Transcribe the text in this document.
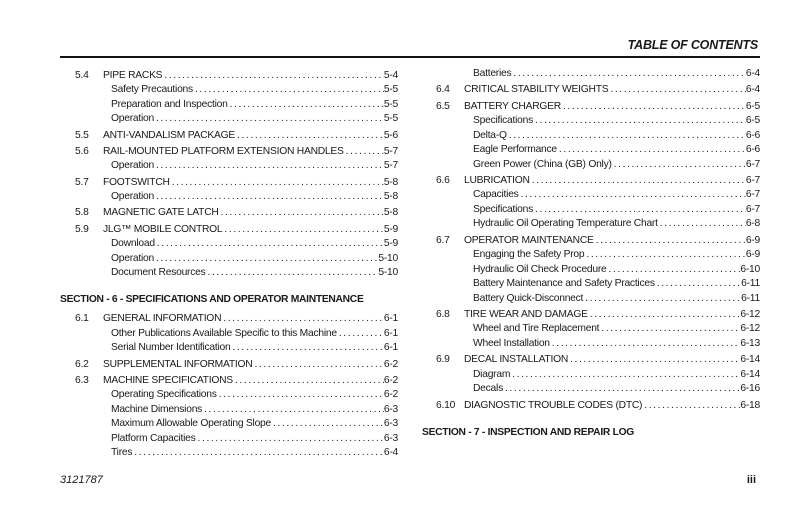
TABLE OF CONTENTS
5.4	PIPE RACKS .....	5-4
Safety Precautions .....	5-5
Preparation and Inspection .....	5-5
Operation .....	5-5
5.5	ANTI-VANDALISM PACKAGE .....	5-6
5.6	RAIL-MOUNTED PLATFORM EXTENSION HANDLES .....	5-7
Operation .....	5-7
5.7	FOOTSWITCH .....	5-8
Operation .....	5-8
5.8	MAGNETIC GATE LATCH .....	5-8
5.9	JLG™ MOBILE CONTROL .....	5-9
Download .....	5-9
Operation .....	5-10
Document Resources .....	5-10
SECTION - 6 - SPECIFICATIONS AND OPERATOR MAINTENANCE
6.1	GENERAL INFORMATION .....	6-1
Other Publications Available Specific to this Machine .....	6-1
Serial Number Identification .....	6-1
6.2	SUPPLEMENTAL INFORMATION .....	6-2
6.3	MACHINE SPECIFICATIONS .....	6-2
Operating Specifications .....	6-2
Machine Dimensions .....	6-3
Maximum Allowable Operating Slope .....	6-3
Platform Capacities .....	6-3
Tires .....	6-4
Batteries .....	6-4
6.4	CRITICAL STABILITY WEIGHTS .....	6-4
6.5	BATTERY CHARGER .....	6-5
Specifications .....	6-5
Delta-Q .....	6-6
Eagle Performance .....	6-6
Green Power (China (GB) Only) .....	6-7
6.6	LUBRICATION .....	6-7
Capacities .....	6-7
Specifications .....	6-7
Hydraulic Oil Operating Temperature Chart .....	6-8
6.7	OPERATOR MAINTENANCE .....	6-9
Engaging the Safety Prop .....	6-9
Hydraulic Oil Check Procedure .....	6-10
Battery Maintenance and Safety Practices .....	6-11
Battery Quick-Disconnect .....	6-11
6.8	TIRE WEAR AND DAMAGE .....	6-12
Wheel and Tire Replacement .....	6-12
Wheel Installation .....	6-13
6.9	DECAL INSTALLATION .....	6-14
Diagram .....	6-14
Decals .....	6-16
6.10 DIAGNOSTIC TROUBLE CODES (DTC) .....	6-18
SECTION - 7 - INSPECTION AND REPAIR LOG
3121787	iii
